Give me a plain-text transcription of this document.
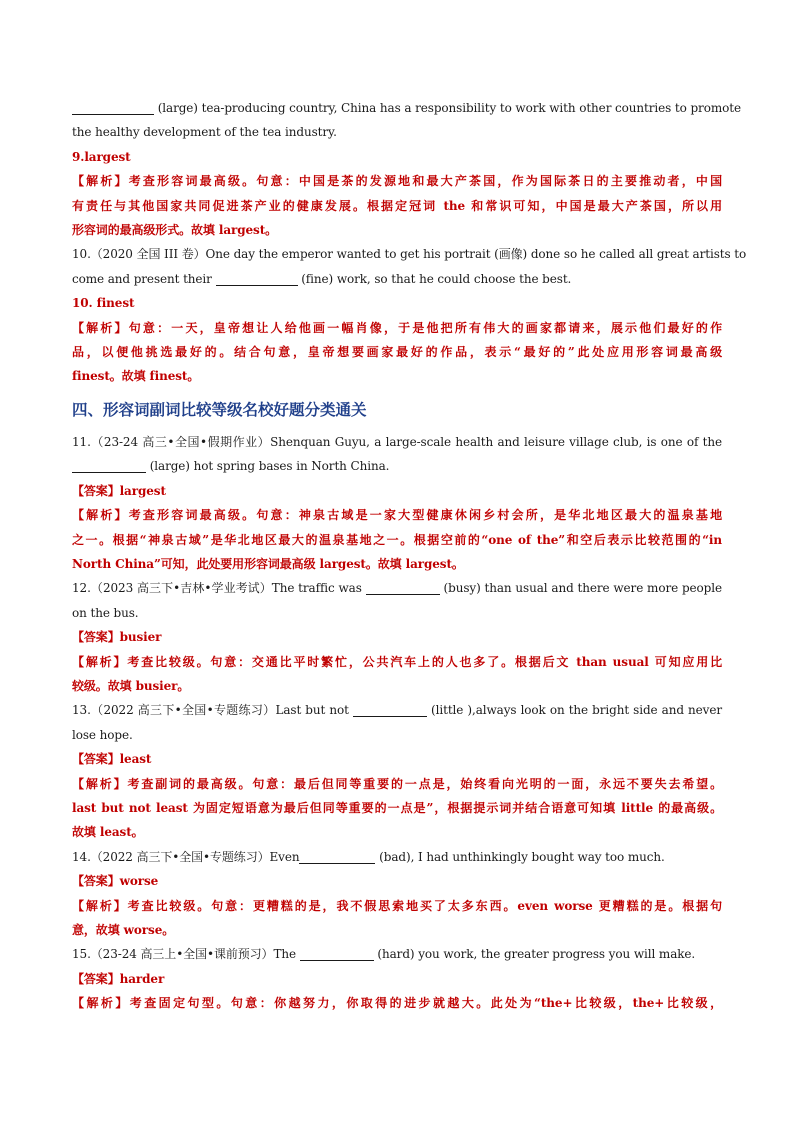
(large) tea-producing country, China has a responsibility to work with other countries to promote
the healthy development of the tea industry.
9.largest
【解析】考查形容词最高级。句意：中国是茶的发源地和最大产茶国，作为国际茶日的主要推动者，中国
有责任与其他国家共同促进茶产业的健康发展。根据定冠词 the 和常识可知，中国是最大产茶国，所以用
形容词的最高级形式。故填 largest。
10.（2020 全国 III 卷）One day the emperor wanted to get his portrait (画像) done so he called all great artists to
come and present their	(fine) work, so that he could choose the best.
10. finest
【解析】句意：一天，皇帝想让人给他画一幅肖像，于是他把所有伟大的画家都请来，展示他们最好的作
品，以便他挑选最好的。结合句意，皇帝想要画家最好的作品，表示“最好的”此处应用形容词最高级
finest。故填 finest。
四、形容词副词比较等级名校好题分类通关
11.（23-24 高三•全国•假期作业）Shenquan Guyu, a large-scale health and leisure village club, is one of the
(large) hot spring bases in North China.
【答案】largest
【解析】考查形容词最高级。句意：神泉古域是一家大型健康休闲乡村会所，是华北地区最大的温泉基地
之一。根据“神泉古域”是华北地区最大的温泉基地之一。根据空前的“one of the”和空后表示比较范围的“in
North China”可知，此处要用形容词最高级 largest。故填 largest。
12.（2023 高三下•吉林•学业考试）The traffic was	(busy) than usual and there were more people
on the bus.
【答案】busier
【解析】考查比较级。句意：交通比平时繁忙，公共汽车上的人也多了。根据后文 than usual 可知应用比
较级。故填 busier。
13.（2022 高三下•全国•专题练习）Last but not	(little ),always look on the bright side and never
lose hope.
【答案】least
【解析】考查副词的最高级。句意：最后但同等重要的一点是，始终看向光明的一面，永远不要失去希望。
last but not least 为固定短语意为最后但同等重要的一点是”，根据提示词并结合语意可知填 little 的最高级。
故填 least。
14.（2022 高三下•全国•专题练习）Even	(bad), I had unthinkingly bought way too much.
【答案】worse
【解析】考查比较级。句意：更糟糕的是，我不假思索地买了太多东西。even worse 更糟糕的是。根据句
意，故填 worse。
15.（23-24 高三上•全国•课前预习）The	(hard) you work, the greater progress you will make.
【答案】harder
【解析】考查固定句型。句意：你越努力，你取得的进步就越大。此处为“the+比较级，the+比较级，
